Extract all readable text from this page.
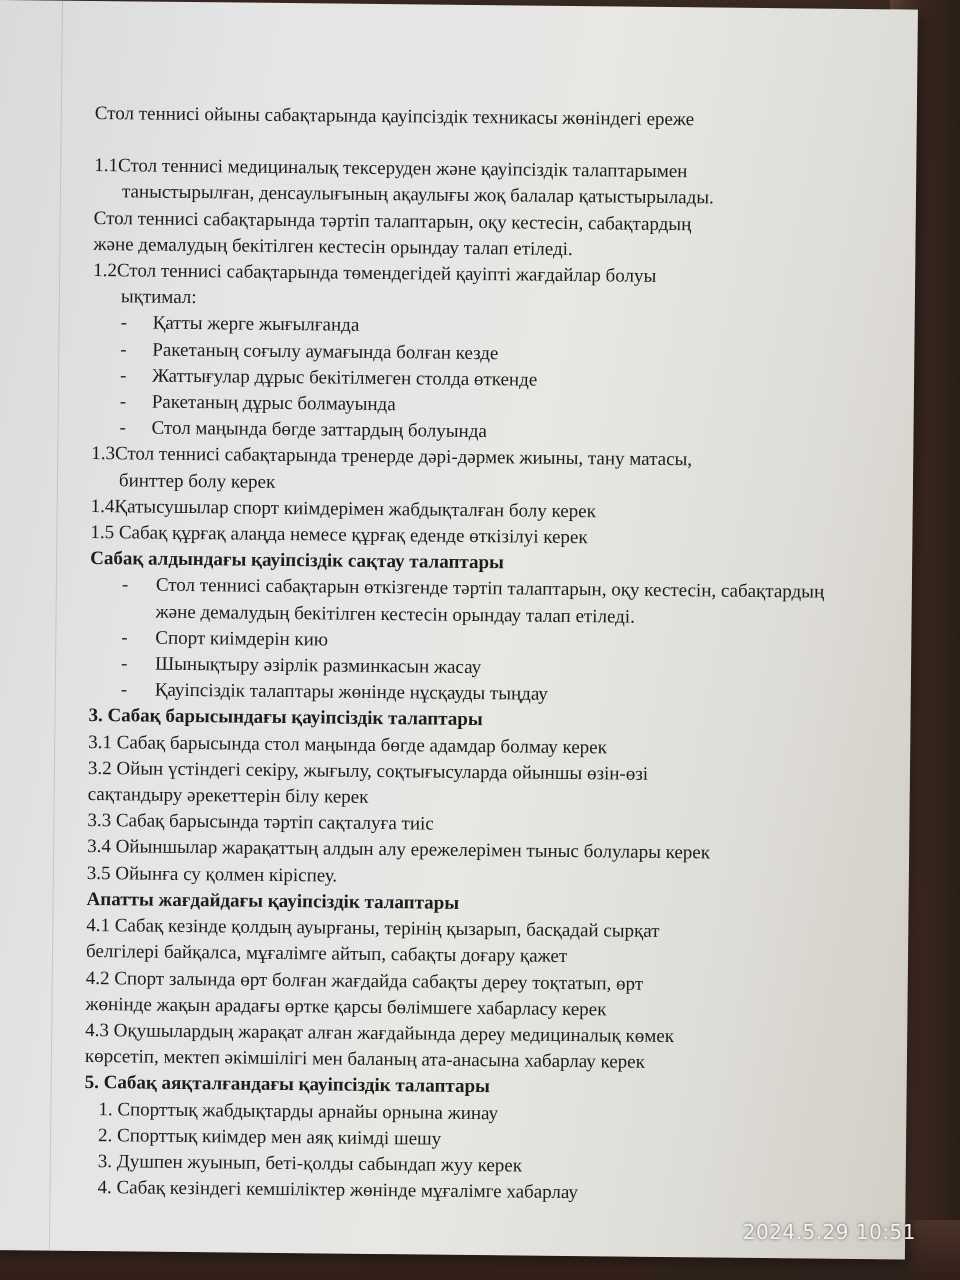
Стол теннисі ойыны сабақтарында қауіпсіздік техникасы жөніндегі ереже
1.1Стол теннисі медициналық тексеруден және қауіпсіздік талаптарымен
таныстырылған, денсаулығының ақаулығы жоқ балалар қатыстырылады.
Стол теннисі сабақтарында тәртіп талаптарын, оқу кестесін, сабақтардың
және демалудың бекітілген кестесін орындау талап етіледі.
1.2Стол теннисі сабақтарында төмендегідей қауіпті жағдайлар болуы
ықтимал:
-	Қатты жерге жығылғанда
-	Ракетаның соғылу аумағында болған кезде
-	Жаттығулар дұрыс бекітілмеген столда өткенде
-	Ракетаның дұрыс болмауында
-	Стол маңында бөгде заттардың болуында
1.3Стол теннисі сабақтарында тренерде дәрі-дәрмек жиыны, тану матасы,
бинттер болу керек
1.4Қатысушылар спорт киімдерімен жабдықталған болу керек
1.5 Сабақ құрғақ алаңда немесе құрғақ еденде өткізілуі керек
Сабақ алдындағы қауіпсіздік сақтау талаптары
-	Стол теннисі сабақтарын өткізгенде тәртіп талаптарын, оқу кестесін, сабақтардың және демалудың бекітілген кестесін орындау талап етіледі.
-	Спорт киімдерін кию
-	Шынықтыру әзірлік разминкасын жасау
-	Қауіпсіздік талаптары жөнінде нұсқауды тыңдау
3. Сабақ барысындағы қауіпсіздік талаптары
3.1 Сабақ барысында стол маңында бөгде адамдар болмау керек
3.2 Ойын үстіндегі секіру, жығылу, соқтығысуларда ойыншы өзін-өзі
сақтандыру әрекеттерін білу керек
3.3 Сабақ барысында тәртіп сақталуға тиіс
3.4 Ойыншылар жарақаттың алдын алу ережелерімен тыныс болулары керек
3.5 Ойынға су қолмен кіріспеу.
Апатты жағдайдағы қауіпсіздік талаптары
4.1 Сабақ кезінде қолдың ауырғаны, терінің қызарып, басқадай сырқат
белгілері байқалса, мұғалімге айтып, сабақты доғару қажет
4.2 Спорт залында өрт болған жағдайда сабақты дереу тоқтатып, өрт
жөнінде жақын арадағы өртке қарсы бөлімшеге хабарласу керек
4.3 Оқушылардың жарақат алған жағдайында дереу медициналық көмек
көрсетіп, мектеп әкімшілігі мен баланың ата-анасына хабарлау керек
5. Сабақ аяқталғандағы қауіпсіздік талаптары
1. Спорттық жабдықтарды арнайы орнына жинау
2. Спорттық киімдер мен аяқ киімді шешу
3. Душпен жуынып, беті-қолды сабындап жуу керек
4. Сабақ кезіндегі кемшіліктер жөнінде мұғалімге хабарлау
2024.5.29 10:51
